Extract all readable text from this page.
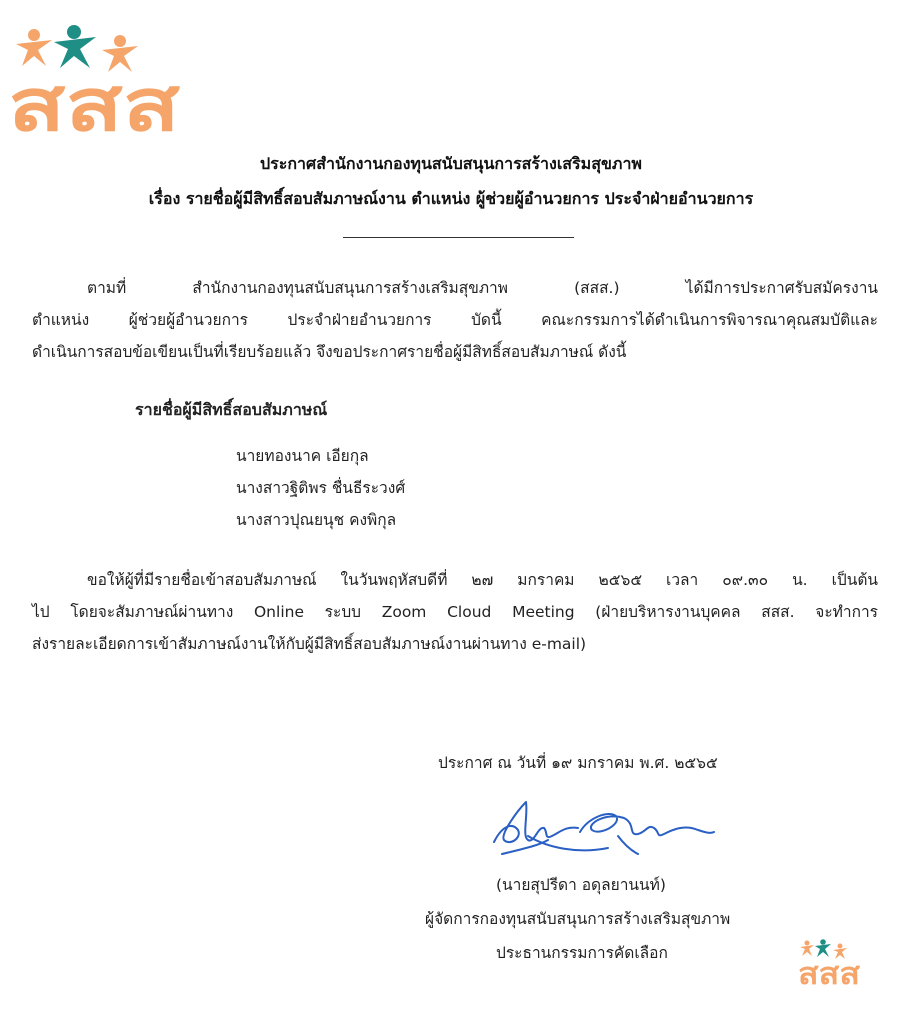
สสส
ประกาศสำนักงานกองทุนสนับสนุนการสร้างเสริมสุขภาพ
เรื่อง รายชื่อผู้มีสิทธิ์สอบสัมภาษณ์งาน ตำแหน่ง ผู้ช่วยผู้อำนวยการ ประจำฝ่ายอำนวยการ

ตามที่ สำนักงานกองทุนสนับสนุนการสร้างเสริมสุขภาพ (สสส.) ได้มีการประกาศรับสมัครงาน
ตำแหน่ง ผู้ช่วยผู้อำนวยการ ประจำฝ่ายอำนวยการ บัดนี้ คณะกรรมการได้ดำเนินการพิจารณาคุณสมบัติและ
ดำเนินการสอบข้อเขียนเป็นที่เรียบร้อยแล้ว จึงขอประกาศรายชื่อผู้มีสิทธิ์สอบสัมภาษณ์ ดังนี้

รายชื่อผู้มีสิทธิ์สอบสัมภาษณ์
นายทองนาค เอียกุล
นางสาวฐิติพร ชื่นธีระวงศ์
นางสาวปุณยนุช คงพิกุล

ขอให้ผู้ที่มีรายชื่อเข้าสอบสัมภาษณ์ ในวันพฤหัสบดีที่ ๒๗ มกราคม ๒๕๖๕ เวลา ๐๙.๓๐ น. เป็นต้น
ไป โดยจะสัมภาษณ์ผ่านทาง Online ระบบ Zoom Cloud Meeting (ฝ่ายบริหารงานบุคคล สสส. จะทำการ
ส่งรายละเอียดการเข้าสัมภาษณ์งานให้กับผู้มีสิทธิ์สอบสัมภาษณ์งานผ่านทาง e-mail)

ประกาศ ณ วันที่ ๑๙ มกราคม พ.ศ. ๒๕๖๕

(นายสุปรีดา อดุลยานนท์)

ผู้จัดการกองทุนสนับสนุนการสร้างเสริมสุขภาพ

ประธานกรรมการคัดเลือก

สสส
